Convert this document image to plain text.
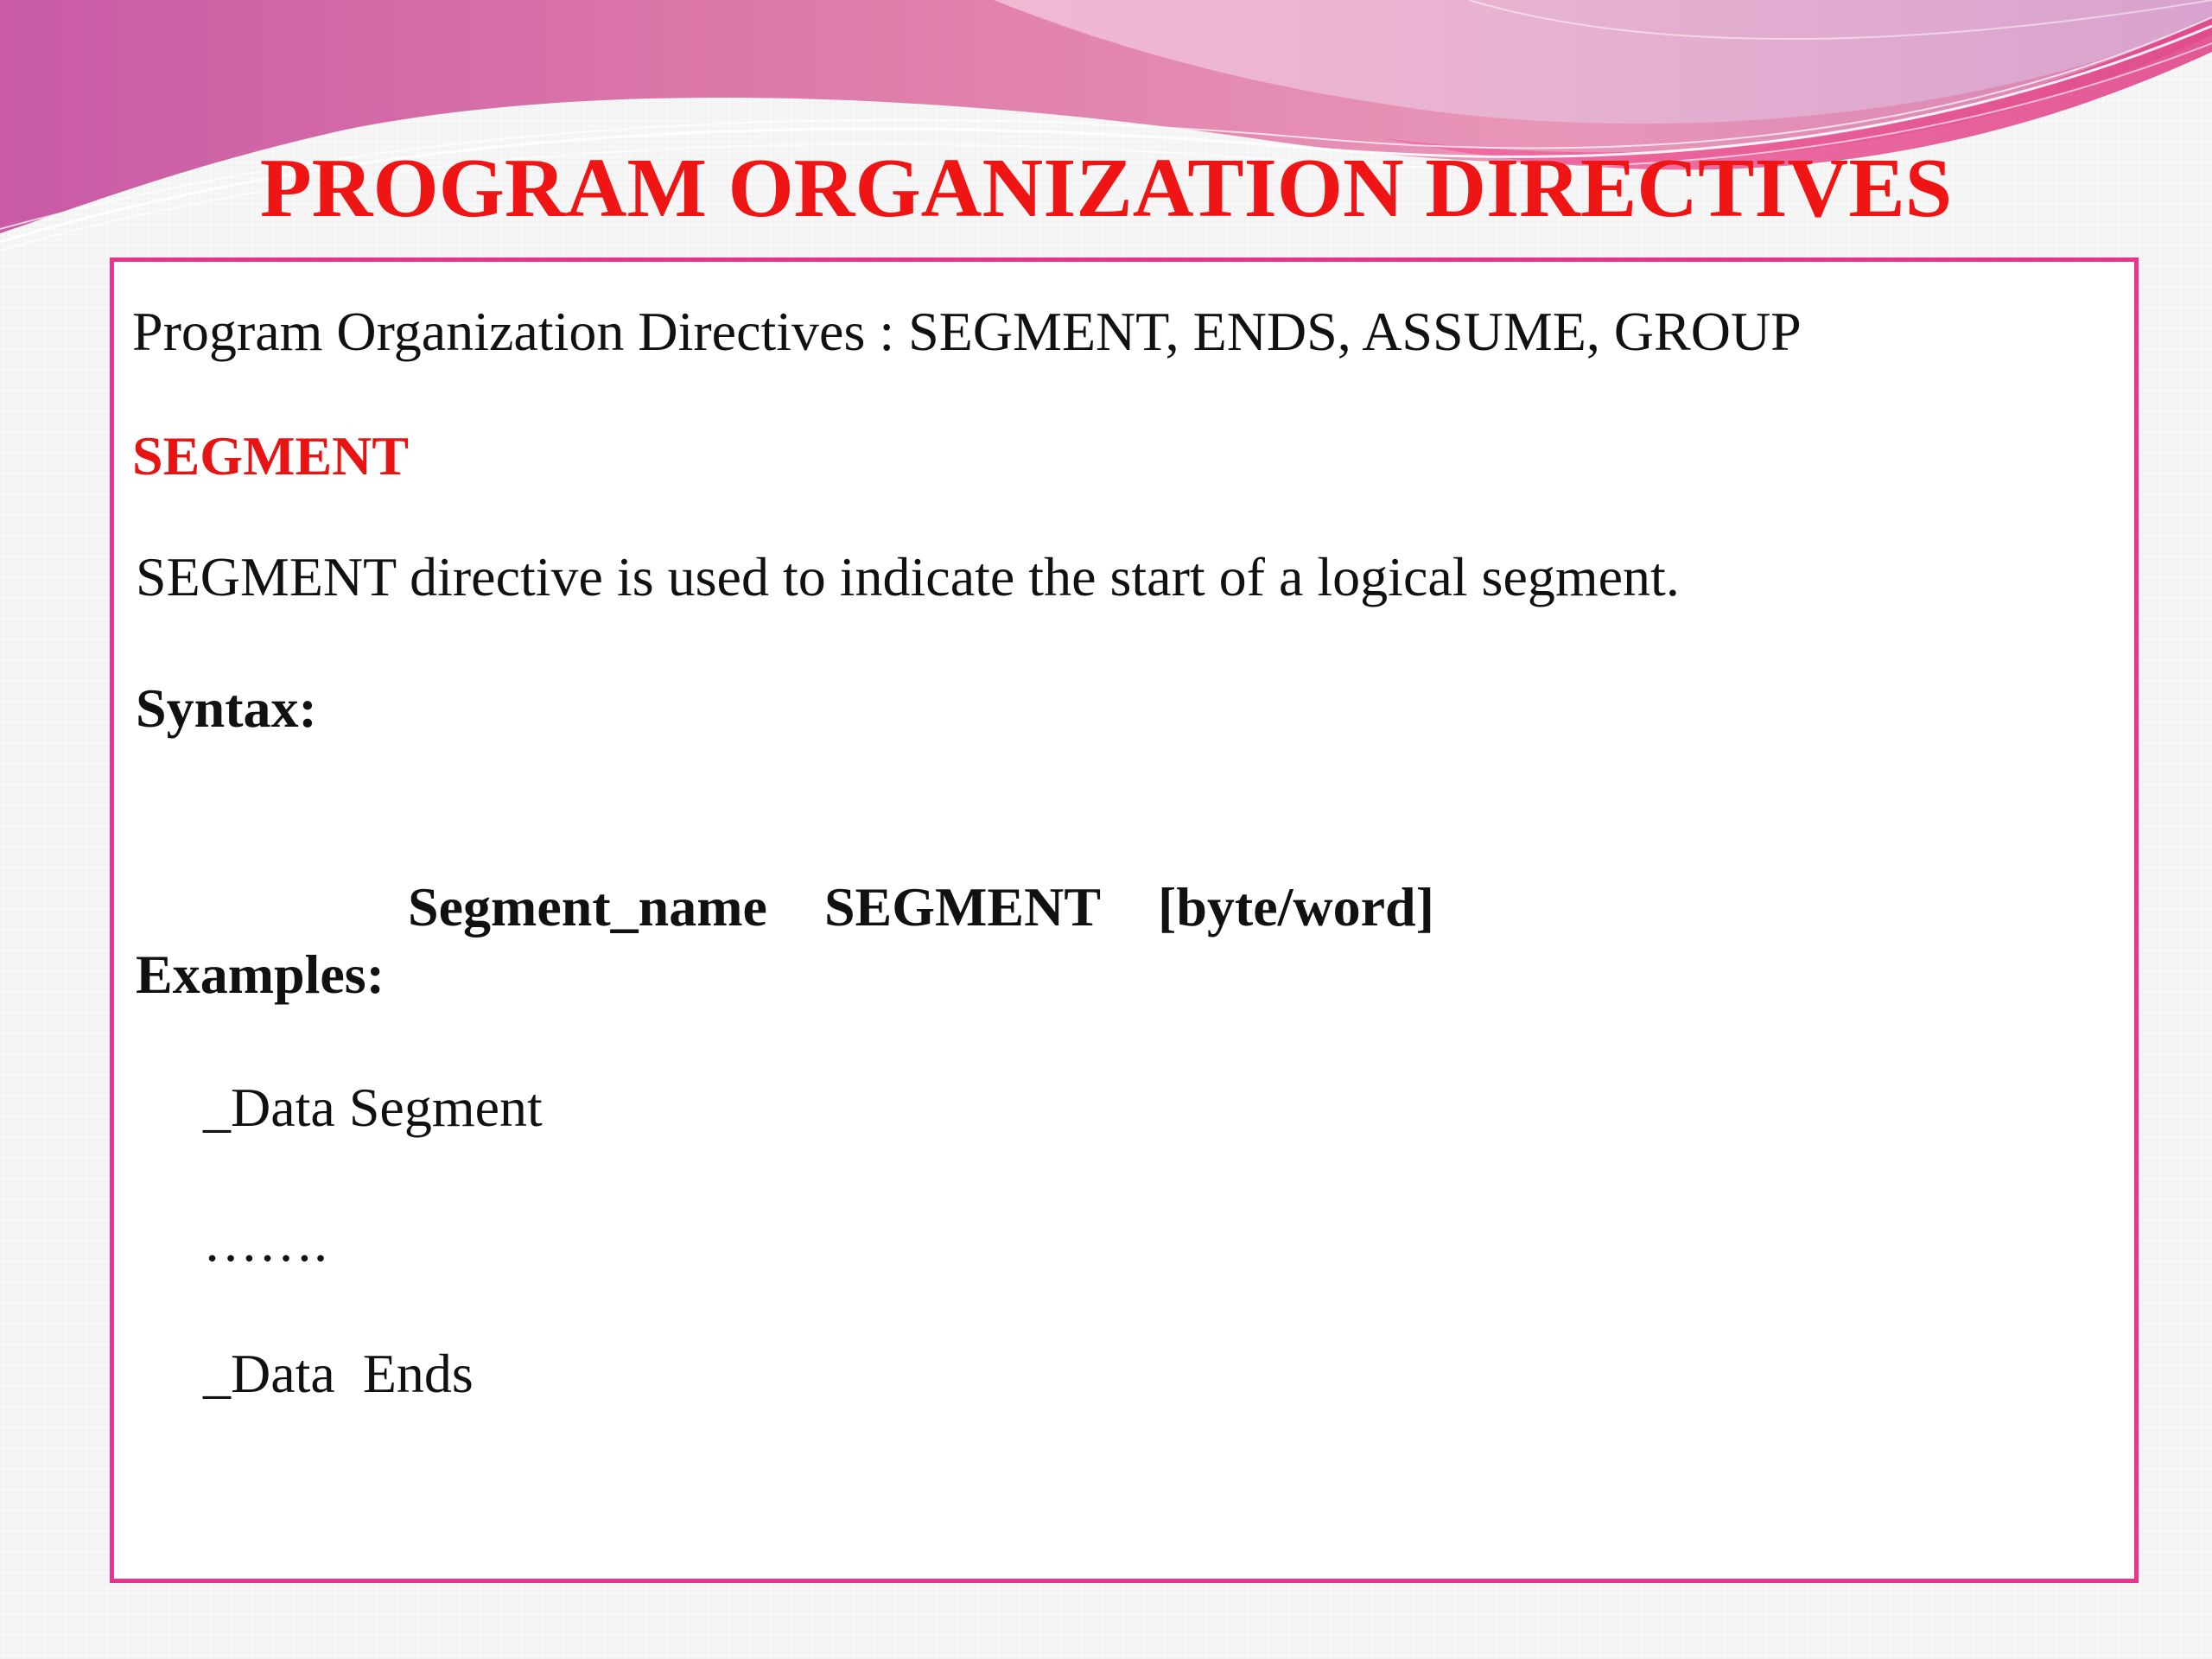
PROGRAM ORGANIZATION DIRECTIVES

Program Organization Directives : SEGMENT, ENDS, ASSUME, GROUP

SEGMENT

SEGMENT directive is used to indicate the start of a logical segment.

Syntax:

Segment_name SEGMENT [byte/word]

Examples:

_Data Segment

…….

_Data  Ends
